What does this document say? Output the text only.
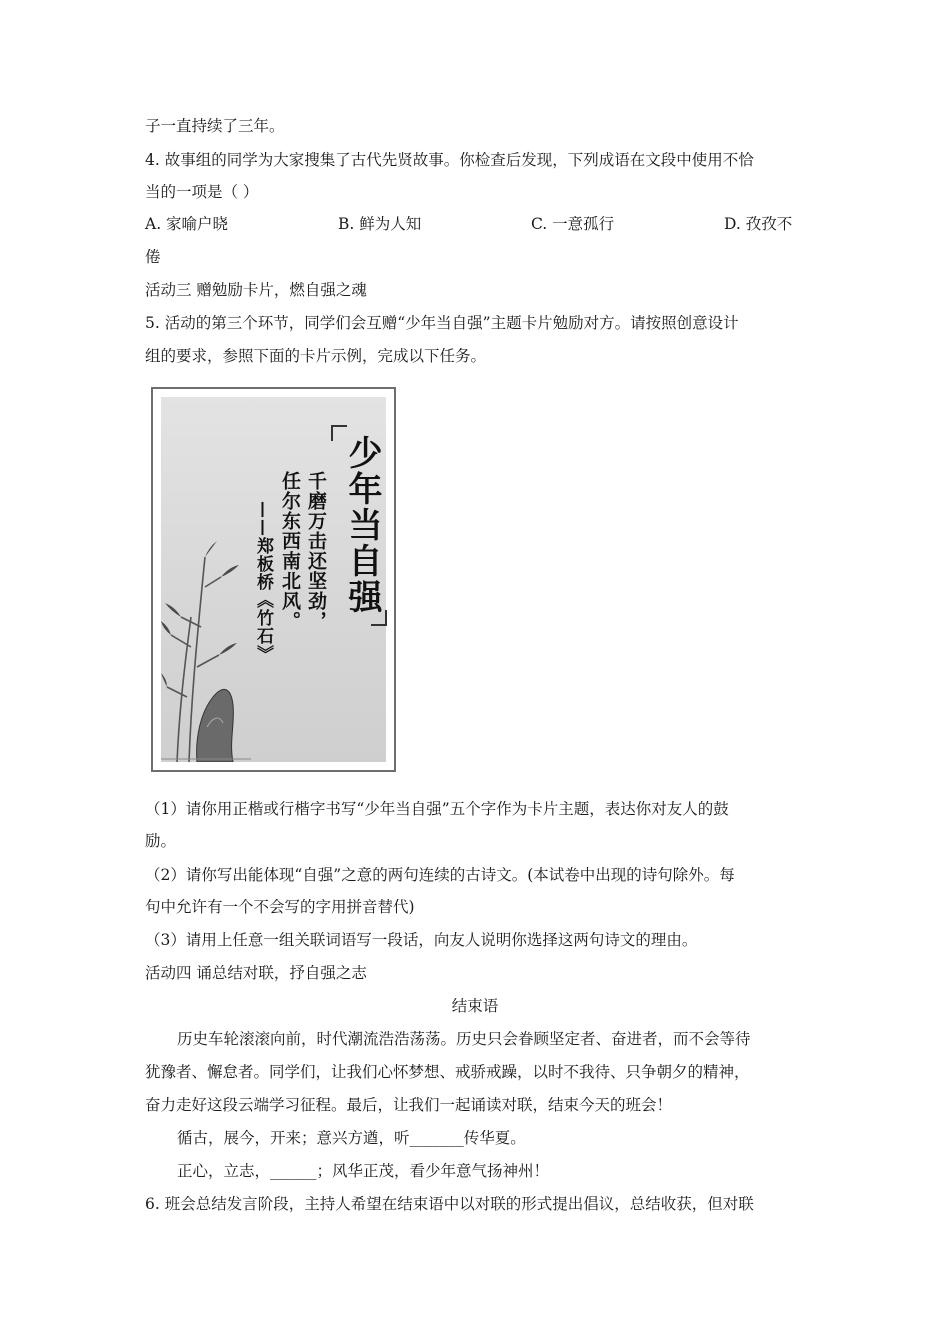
子一直持续了三年。
4. 故事组的同学为大家搜集了古代先贤故事。你检查后发现，下列成语在文段中使用不恰
当的一项是（ ）
A. 家喻户晓	B. 鲜为人知	C. 一意孤行	D. 孜孜不
倦
活动三 赠勉励卡片，燃自强之魂
5. 活动的第三个环节，同学们会互赠“少年当自强”主题卡片勉励对方。请按照创意设计
组的要求，参照下面的卡片示例，完成以下任务。
少年当自强
千磨万击还坚劲，
任尔东西南北风。
——郑板桥《竹石》
（1）请你用正楷或行楷字书写“少年当自强”五个字作为卡片主题，表达你对友人的鼓
励。
（2）请你写出能体现“自强”之意的两句连续的古诗文。(本试卷中出现的诗句除外。每
句中允许有一个不会写的字用拼音替代)
（3）请用上任意一组关联词语写一段话，向友人说明你选择这两句诗文的理由。
活动四 诵总结对联，抒自强之志
结束语
历史车轮滚滚向前，时代潮流浩浩荡荡。历史只会眷顾坚定者、奋进者，而不会等待
犹豫者、懈怠者。同学们，让我们心怀梦想、戒骄戒躁，以时不我待、只争朝夕的精神，
奋力走好这段云端学习征程。最后，让我们一起诵读对联，结束今天的班会！
循古，展今，开来；意兴方遒，听_______传华夏。
正心，立志，______；风华正茂，看少年意气扬神州！
6. 班会总结发言阶段，主持人希望在结束语中以对联的形式提出倡议，总结收获，但对联
